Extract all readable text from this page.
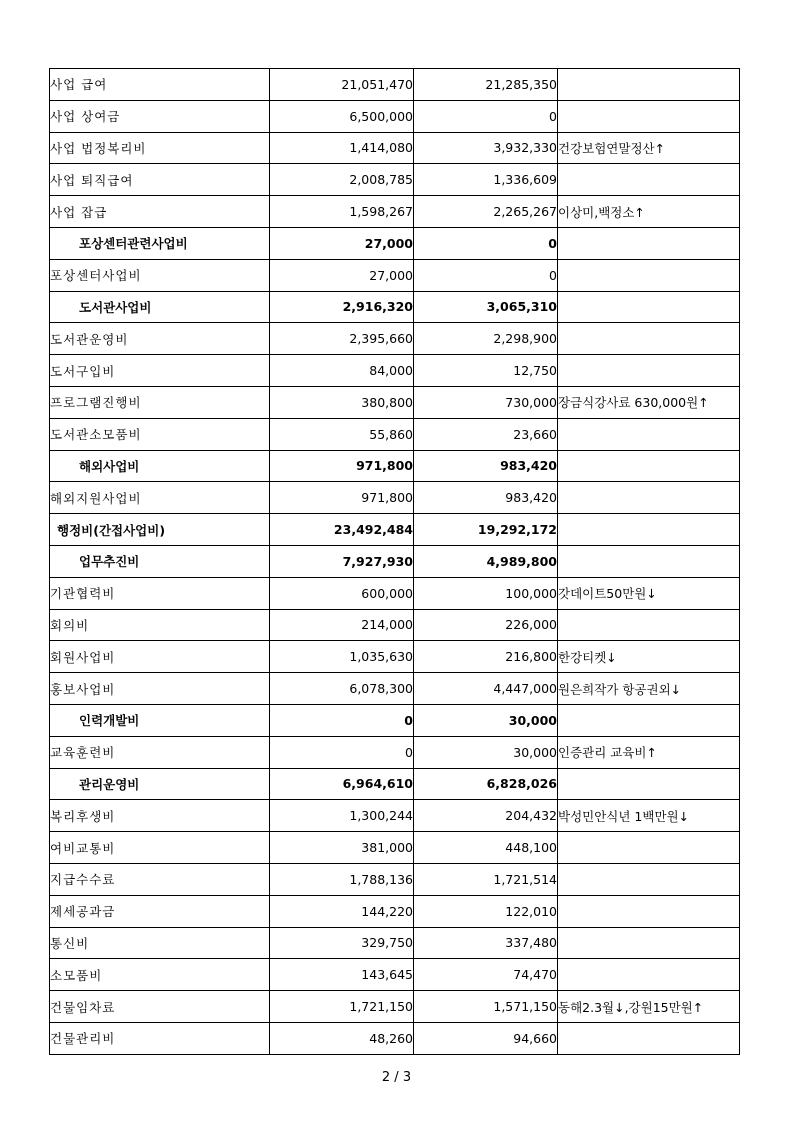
사업 급여	21,051,470	21,285,350	
사업 상여금	6,500,000	0	
사업 법정복리비	1,414,080	3,932,330	건강보험연말정산↑
사업 퇴직급여	2,008,785	1,336,609	
사업 잡급	1,598,267	2,265,267	이상미,백정소↑
포상센터관련사업비	27,000	0	
포상센터사업비	27,000	0	
도서관사업비	2,916,320	3,065,310	
도서관운영비	2,395,660	2,298,900	
도서구입비	84,000	12,750	
프로그램진행비	380,800	730,000	장금식강사료 630,000원↑
도서관소모품비	55,860	23,660	
해외사업비	971,800	983,420	
해외지원사업비	971,800	983,420	
행정비(간접사업비)	23,492,484	19,292,172	
업무추진비	7,927,930	4,989,800	
기관협력비	600,000	100,000	갓데이트50만원↓
회의비	214,000	226,000	
회원사업비	1,035,630	216,800	한강티켓↓
홍보사업비	6,078,300	4,447,000	원은희작가 항공권외↓
인력개발비	0	30,000	
교육훈련비	0	30,000	인증관리 교육비↑
관리운영비	6,964,610	6,828,026	
복리후생비	1,300,244	204,432	박성민안식년 1백만원↓
여비교통비	381,000	448,100	
지급수수료	1,788,136	1,721,514	
제세공과금	144,220	122,010	
통신비	329,750	337,480	
소모품비	143,645	74,470	
건물임차료	1,721,150	1,571,150	동해2.3월↓,강원15만원↑
건물관리비	48,260	94,660	
2 / 3
